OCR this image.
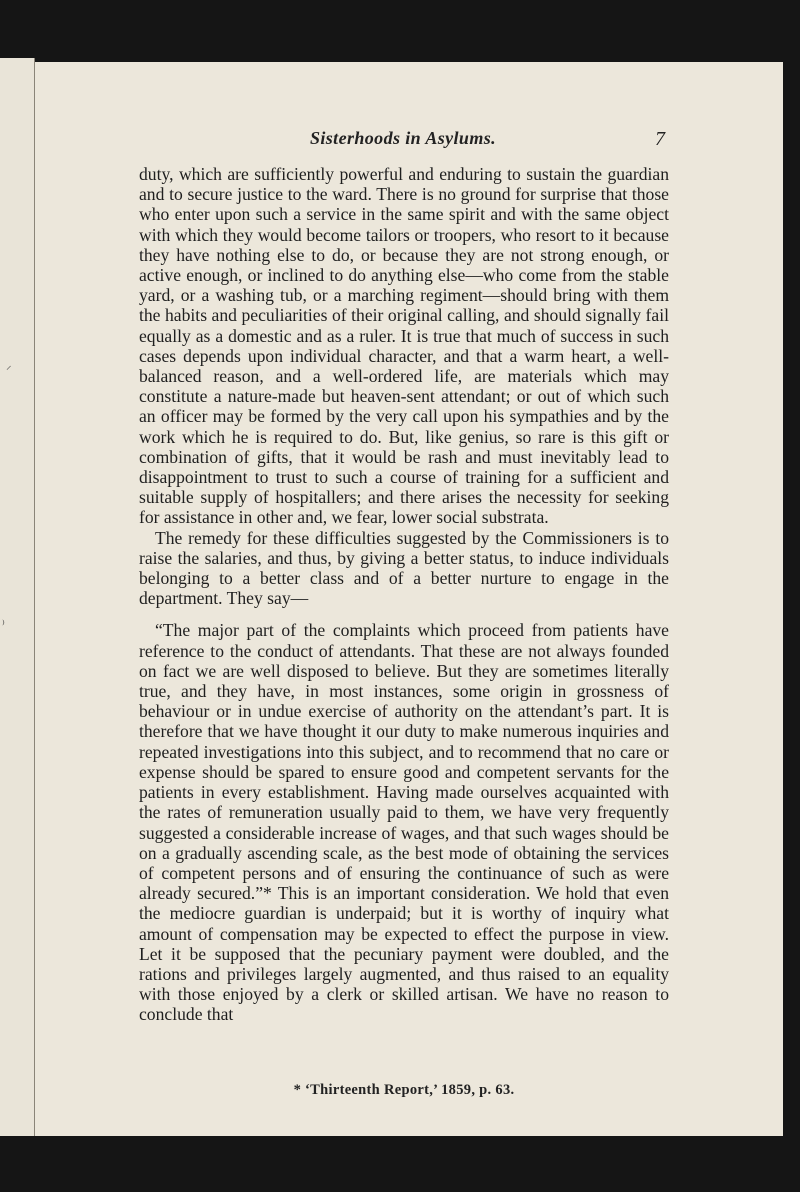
⸝
⁾
Sisterhoods in Asylums.	7

duty, which are sufficiently powerful and enduring to sustain the guardian and to secure justice to the ward. There is no ground for surprise that those who enter upon such a service in the same spirit and with the same object with which they would become tailors or troopers, who resort to it because they have nothing else to do, or because they are not strong enough, or active enough, or inclined to do anything else—who come from the stable yard, or a washing tub, or a marching regiment—should bring with them the habits and peculiarities of their original calling, and should signally fail equally as a domestic and as a ruler. It is true that much of success in such cases depends upon individual character, and that a warm heart, a well-balanced reason, and a well-ordered life, are materials which may constitute a nature-made but heaven-sent attendant; or out of which such an officer may be formed by the very call upon his sympathies and by the work which he is required to do. But, like genius, so rare is this gift or combination of gifts, that it would be rash and must inevitably lead to disappointment to trust to such a course of training for a sufficient and suitable supply of hospitallers; and there arises the necessity for seeking for assistance in other and, we fear, lower social substrata.

The remedy for these difficulties suggested by the Commissioners is to raise the salaries, and thus, by giving a better status, to induce individuals belonging to a better class and of a better nurture to engage in the department. They say—

“The major part of the complaints which proceed from patients have reference to the conduct of attendants. That these are not always founded on fact we are well disposed to believe. But they are sometimes literally true, and they have, in most instances, some origin in grossness of behaviour or in undue exercise of authority on the attendant’s part. It is therefore that we have thought it our duty to make numerous inquiries and repeated investigations into this subject, and to recommend that no care or expense should be spared to ensure good and competent servants for the patients in every establishment. Having made ourselves acquainted with the rates of remuneration usually paid to them, we have very frequently suggested a considerable increase of wages, and that such wages should be on a gradually ascending scale, as the best mode of obtaining the services of competent persons and of ensuring the continuance of such as were already secured.”* This is an important consideration. We hold that even the mediocre guardian is underpaid; but it is worthy of inquiry what amount of compensation may be expected to effect the purpose in view. Let it be supposed that the pecuniary payment were doubled, and the rations and privileges largely augmented, and thus raised to an equality with those enjoyed by a clerk or skilled artisan. We have no reason to conclude that

* ‘Thirteenth Report,’ 1859, p. 63.
